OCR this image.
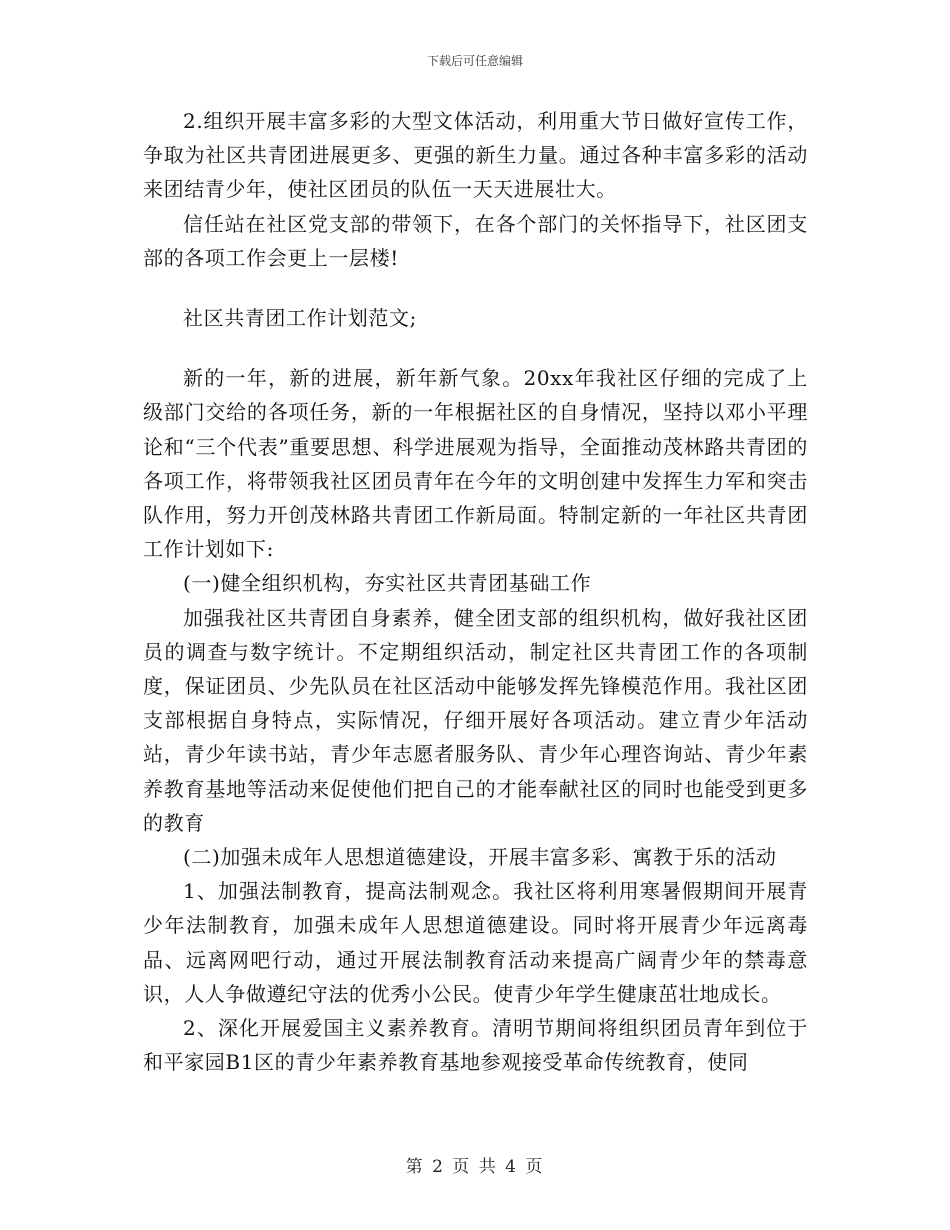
下载后可任意编辑

2.组织开展丰富多彩的大型文体活动，利用重大节日做好宣传工作，争取为社区共青团进展更多、更强的新生力量。通过各种丰富多彩的活动来团结青少年，使社区团员的队伍一天天进展壮大。

信任站在社区党支部的带领下，在各个部门的关怀指导下，社区团支部的各项工作会更上一层楼!

社区共青团工作计划范文;

新的一年，新的进展，新年新气象。20xx年我社区仔细的完成了上级部门交给的各项任务，新的一年根据社区的自身情况，坚持以邓小平理论和“三个代表”重要思想、科学进展观为指导，全面推动茂林路共青团的各项工作，将带领我社区团员青年在今年的文明创建中发挥生力军和突击队作用，努力开创茂林路共青团工作新局面。特制定新的一年社区共青团工作计划如下:

(一)健全组织机构，夯实社区共青团基础工作

加强我社区共青团自身素养，健全团支部的组织机构，做好我社区团员的调查与数字统计。不定期组织活动，制定社区共青团工作的各项制度，保证团员、少先队员在社区活动中能够发挥先锋模范作用。我社区团支部根据自身特点，实际情况，仔细开展好各项活动。建立青少年活动站，青少年读书站，青少年志愿者服务队、青少年心理咨询站、青少年素养教育基地等活动来促使他们把自己的才能奉献社区的同时也能受到更多的教育

(二)加强未成年人思想道德建设，开展丰富多彩、寓教于乐的活动

1、加强法制教育，提高法制观念。我社区将利用寒暑假期间开展青少年法制教育，加强未成年人思想道德建设。同时将开展青少年远离毒品、远离网吧行动，通过开展法制教育活动来提高广阔青少年的禁毒意识，人人争做遵纪守法的优秀小公民。使青少年学生健康茁壮地成长。

2、深化开展爱国主义素养教育。清明节期间将组织团员青年到位于和平家园B1区的青少年素养教育基地参观接受革命传统教育，使同

第 2 页 共 4 页
